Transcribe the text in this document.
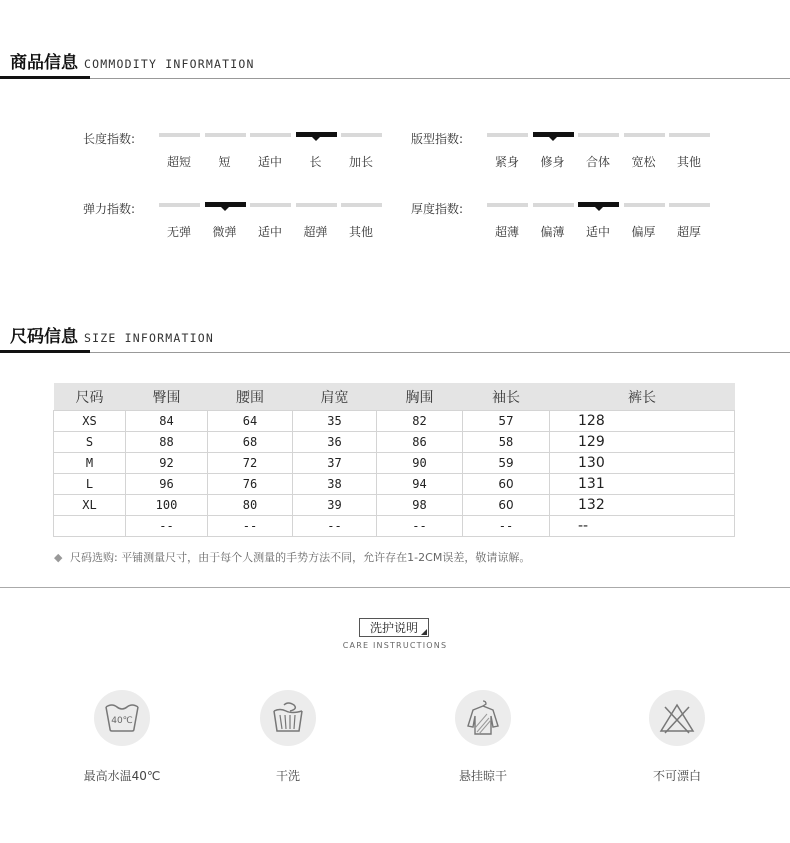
商品信息 COMMODITY INFORMATION
长度指数:
超短	短	适中	长	加长
版型指数:
紧身	修身	合体	宽松	其他
弹力指数:
无弹	微弹	适中	超弹	其他
厚度指数:
超薄	偏薄	适中	偏厚	超厚
尺码信息 SIZE INFORMATION
尺码	臀围	腰围	肩宽	胸围	袖长	裤长
XS	84	64	35	82	57	128
S	88	68	36	86	58	129
M	92	72	37	90	59	130
L	96	76	38	94	60	131
XL	100	80	39	98	60	132
	--	--	--	--	--	--
◆ 尺码选购: 平铺测量尺寸，由于每个人测量的手势方法不同，允许存在1-2CM误差，敬请谅解。
洗护说明
CARE INSTRUCTIONS
40℃
最高水温40℃	干洗	悬挂晾干	不可漂白
